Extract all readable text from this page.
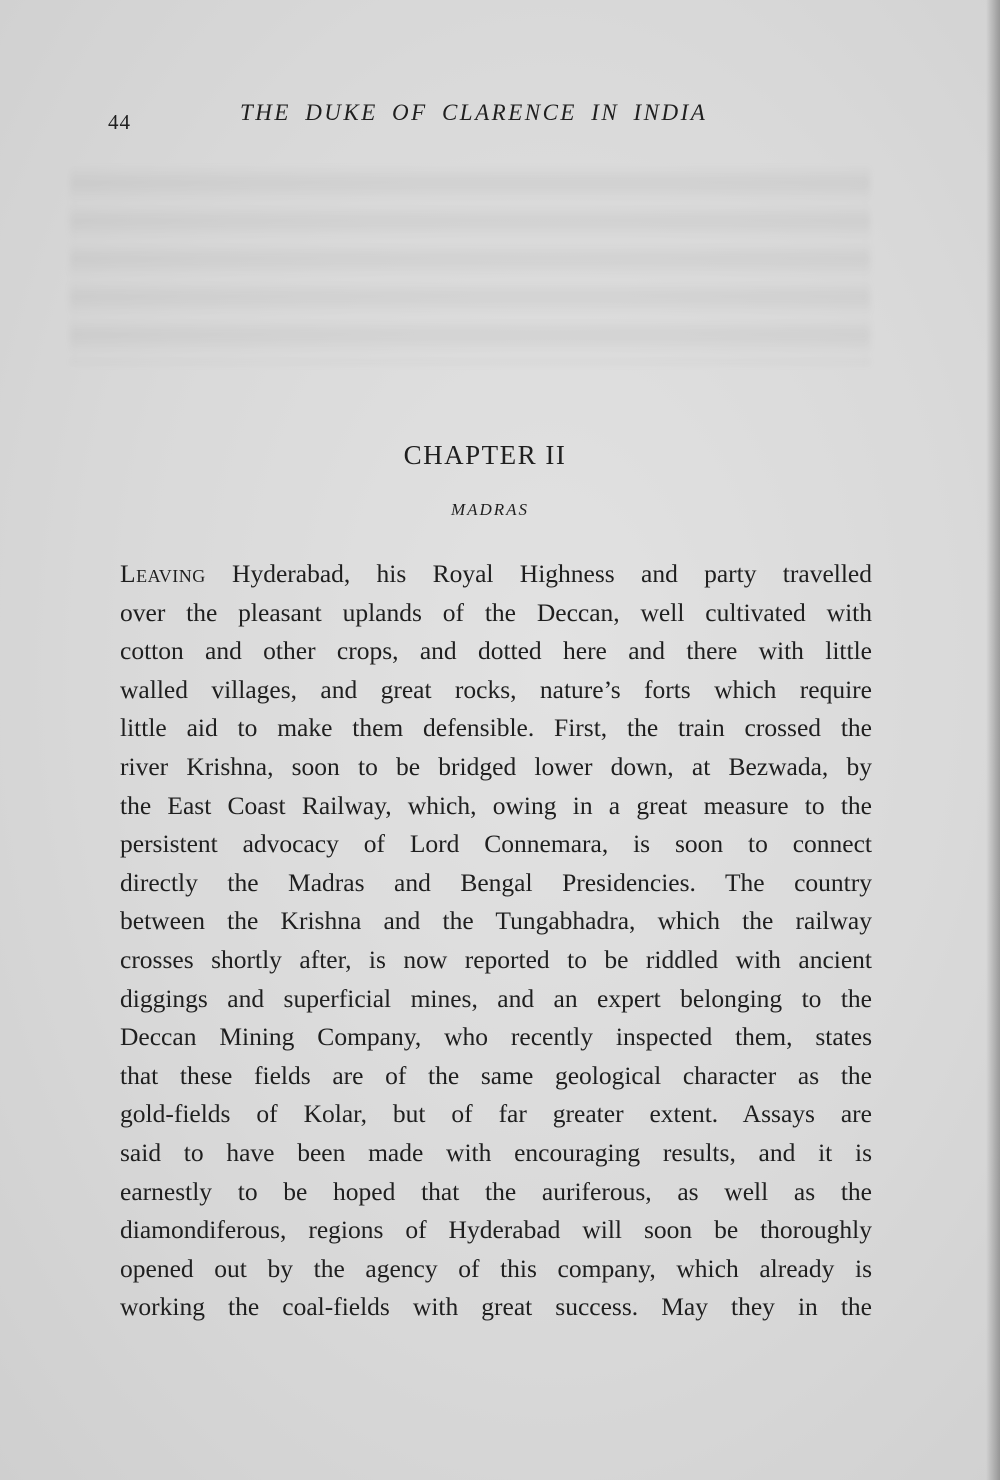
44	THE DUKE OF CLARENCE IN INDIA
CHAPTER II
MADRAS
Leaving Hyderabad, his Royal Highness and party travelled
over the pleasant uplands of the Deccan, well cultivated with
cotton and other crops, and dotted here and there with little
walled villages, and great rocks, nature’s forts which require
little aid to make them defensible. First, the train crossed the
river Krishna, soon to be bridged lower down, at Bezwada, by
the East Coast Railway, which, owing in a great measure to the
persistent advocacy of Lord Connemara, is soon to connect
directly the Madras and Bengal Presidencies. The country
between the Krishna and the Tungabhadra, which the railway
crosses shortly after, is now reported to be riddled with ancient
diggings and superficial mines, and an expert belonging to the
Deccan Mining Company, who recently inspected them, states
that these fields are of the same geological character as the
gold-fields of Kolar, but of far greater extent. Assays are
said to have been made with encouraging results, and it is
earnestly to be hoped that the auriferous, as well as the
diamondiferous, regions of Hyderabad will soon be thoroughly
opened out by the agency of this company, which already is
working the coal-fields with great success. May they in the
